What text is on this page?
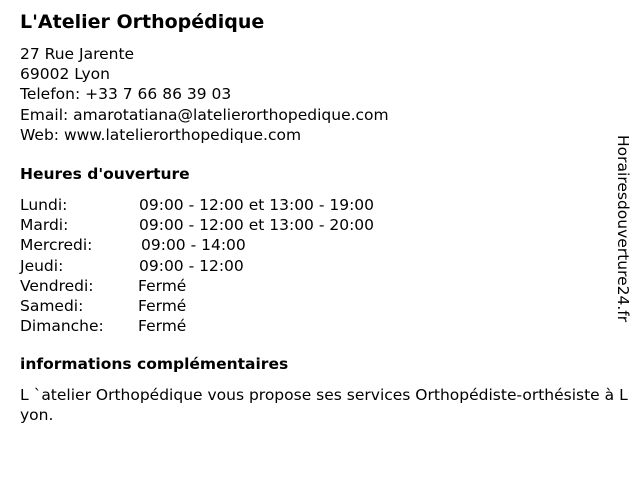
L'Atelier Orthopédique
27 Rue Jarente
69002 Lyon
Telefon: +33 7 66 86 39 03
Email: amarotatiana@latelierorthopedique.com
Web: www.latelierorthopedique.com
Heures d'ouverture
Lundi:	09:00 - 12:00 et 13:00 - 19:00
Mardi:	09:00 - 12:00 et 13:00 - 20:00
Mercredi:	09:00 - 14:00
Jeudi:	09:00 - 12:00
Vendredi:	Fermé
Samedi:	Fermé
Dimanche: Fermé
informations complémentaires
L `atelier Orthopédique vous propose ses services Orthopédiste-orthésiste à Lyon.
Horairesdouverture24.fr
